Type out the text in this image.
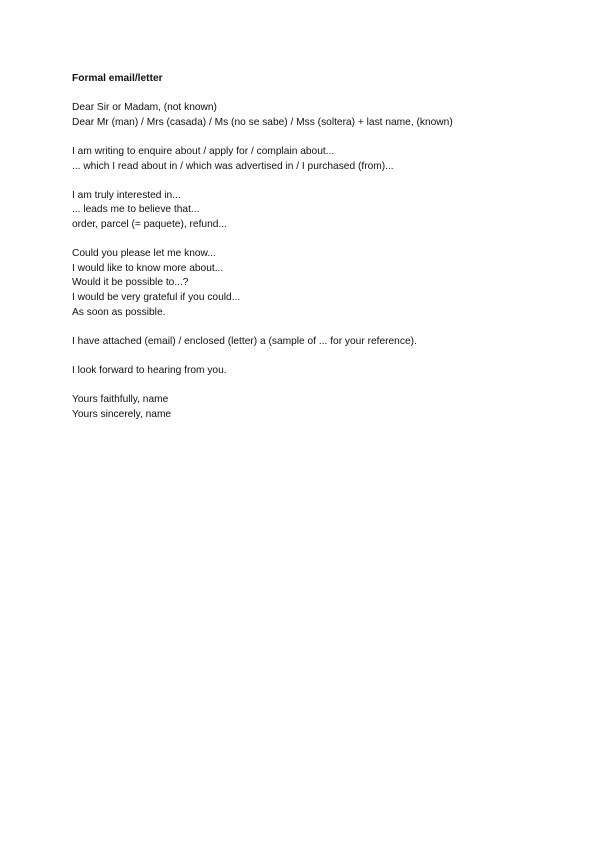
Formal email/letter

Dear Sir or Madam, (not known)
Dear Mr (man) / Mrs (casada) / Ms (no se sabe) / Mss (soltera) + last name, (known)

I am writing to enquire about / apply for / complain about...
... which I read about in / which was advertised in / I purchased (from)...

I am truly interested in...
... leads me to believe that...
order, parcel (= paquete), refund...

Could you please let me know...
I would like to know more about...
Would it be possible to...?
I would be very grateful if you could...
As soon as possible.

I have attached (email) / enclosed (letter) a (sample of ... for your reference).

I look forward to hearing from you.

Yours faithfully, name
Yours sincerely, name
